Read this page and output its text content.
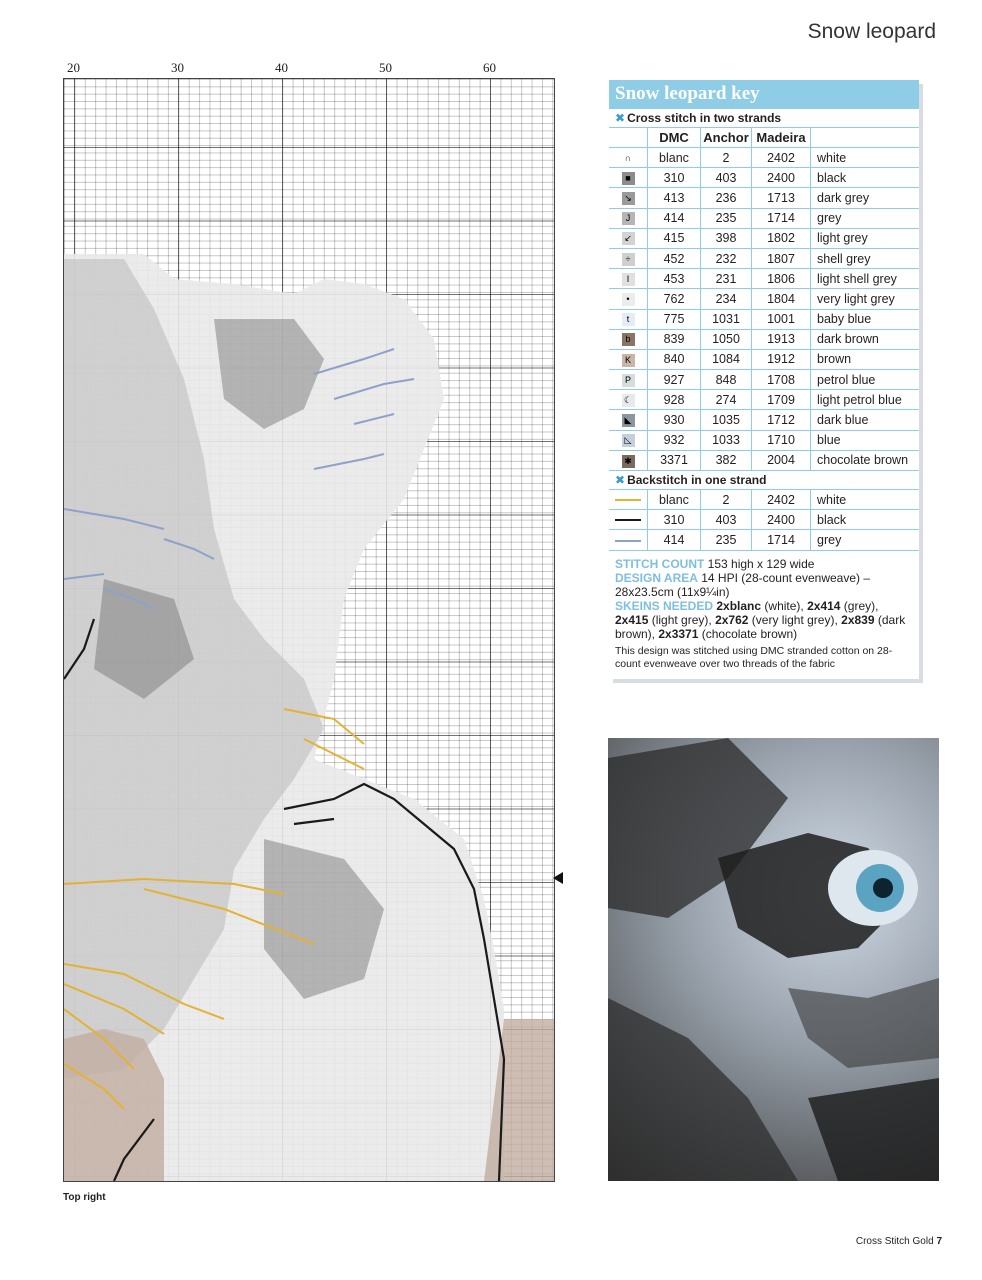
Snow leopard
20	30	40	50	60
Top right
Snow leopard key
✖ Cross stitch in two strands
	DMC	Anchor	Madeira	
∩	blanc	2	2402	white
■	310	403	2400	black
↘	413	236	1713	dark grey
J	414	235	1714	grey
↙	415	398	1802	light grey
÷	452	232	1807	shell grey
I	453	231	1806	light shell grey
•	762	234	1804	very light grey
t	775	1031	1001	baby blue
b	839	1050	1913	dark brown
K	840	1084	1912	brown
P	927	848	1708	petrol blue
☾	928	274	1709	light petrol blue
◣	930	1035	1712	dark blue
◺	932	1033	1710	blue
✱	3371	382	2004	chocolate brown
✖ Backstitch in one strand
	blanc	2	2402	white
	310	403	2400	black
	414	235	1714	grey
STITCH COUNT 153 high x 129 wide
DESIGN AREA 14 HPI (28-count evenweave) – 28x23.5cm (11x9¼in)
SKEINS NEEDED 2xblanc (white), 2x414 (grey), 2x415 (light grey), 2x762 (very light grey), 2x839 (dark brown), 2x3371 (chocolate brown)
This design was stitched using DMC stranded cotton on 28-count evenweave over two threads of the fabric
Cross Stitch Gold 7
